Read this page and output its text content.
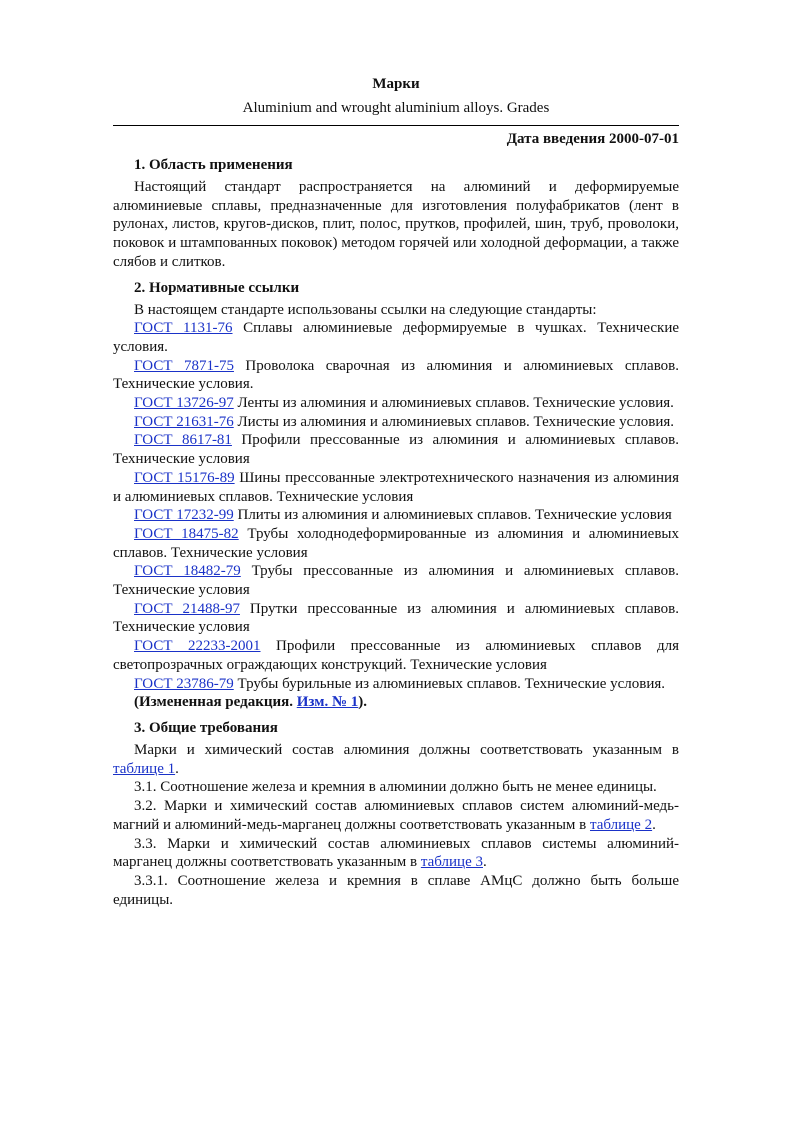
Марки
Aluminium and wrought aluminium alloys. Grades
Дата введения 2000-07-01
1. Область применения

Настоящий стандарт распространяется на алюминий и деформируемые алюминиевые сплавы, предназначенные для изготовления полуфабрикатов (лент в рулонах, листов, кругов-дисков, плит, полос, прутков, профилей, шин, труб, проволоки, поковок и штампованных поковок) методом горячей или холодной деформации, а также слябов и слитков.

2. Нормативные ссылки

В настоящем стандарте использованы ссылки на следующие стандарты:

ГОСТ 1131-76 Сплавы алюминиевые деформируемые в чушках. Технические условия.

ГОСТ 7871-75 Проволока сварочная из алюминия и алюминиевых сплавов. Технические условия.

ГОСТ 13726-97 Ленты из алюминия и алюминиевых сплавов. Технические условия.

ГОСТ 21631-76 Листы из алюминия и алюминиевых сплавов. Технические условия.

ГОСТ 8617-81 Профили прессованные из алюминия и алюминиевых сплавов. Технические условия

ГОСТ 15176-89 Шины прессованные электротехнического назначения из алюминия и алюминиевых сплавов. Технические условия

ГОСТ 17232-99 Плиты из алюминия и алюминиевых сплавов. Технические условия

ГОСТ 18475-82 Трубы холоднодеформированные из алюминия и алюминиевых сплавов. Технические условия

ГОСТ 18482-79 Трубы прессованные из алюминия и алюминиевых сплавов. Технические условия

ГОСТ 21488-97 Прутки прессованные из алюминия и алюминиевых сплавов. Технические условия

ГОСТ 22233-2001 Профили прессованные из алюминиевых сплавов для светопрозрачных ограждающих конструкций. Технические условия

ГОСТ 23786-79 Трубы бурильные из алюминиевых сплавов. Технические условия.

(Измененная редакция. Изм. № 1).

3. Общие требования

Марки и химический состав алюминия должны соответствовать указанным в таблице 1.

3.1. Соотношение железа и кремния в алюминии должно быть не менее единицы.

3.2. Марки и химический состав алюминиевых сплавов систем алюминий-медь-магний и алюминий-медь-марганец должны соответствовать указанным в таблице 2.

3.3. Марки и химический состав алюминиевых сплавов системы алюминий-марганец должны соответствовать указанным в таблице 3.

3.3.1. Соотношение железа и кремния в сплаве АМцС должно быть больше единицы.
